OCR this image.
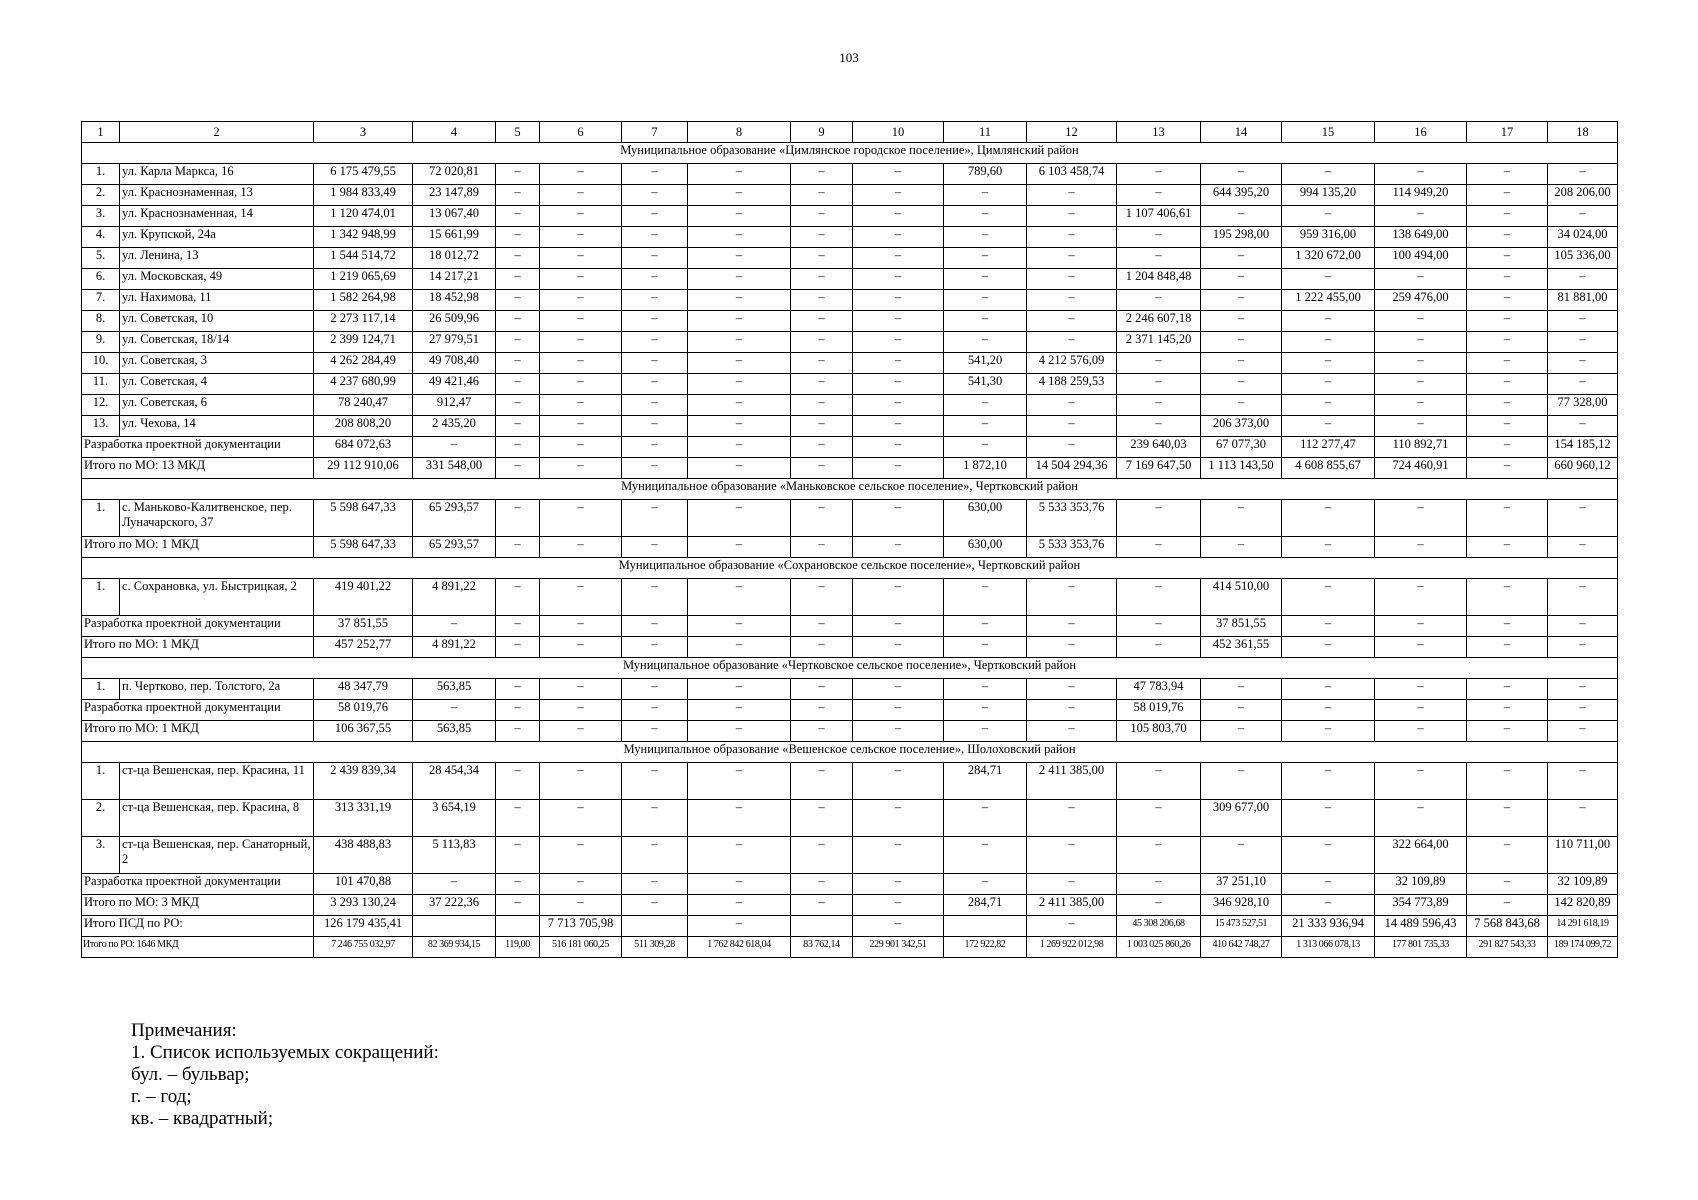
103
1	2	3	4	5	6	7	8	9	10	11	12	13	14	15	16	17	18
Муниципальное образование «Цимлянское городское поселение», Цимлянский район																	
1.	ул. Карла Маркса, 16	6 175 479,55	72 020,81	–	–	–	–	–	–	789,60	6 103 458,74	–	–	–	–	–	–
2.	ул. Краснознаменная, 13	1 984 833,49	23 147,89	–	–	–	–	–	–	–	–	–	644 395,20	994 135,20	114 949,20	–	208 206,00
3.	ул. Краснознаменная, 14	1 120 474,01	13 067,40	–	–	–	–	–	–	–	–	1 107 406,61	–	–	–	–	–
4.	ул. Крупской, 24а	1 342 948,99	15 661,99	–	–	–	–	–	–	–	–	–	195 298,00	959 316,00	138 649,00	–	34 024,00
5.	ул. Ленина, 13	1 544 514,72	18 012,72	–	–	–	–	–	–	–	–	–	–	1 320 672,00	100 494,00	–	105 336,00
6.	ул. Московская, 49	1 219 065,69	14 217,21	–	–	–	–	–	–	–	–	1 204 848,48	–	–	–	–	–
7.	ул. Нахимова, 11	1 582 264,98	18 452,98	–	–	–	–	–	–	–	–	–	–	1 222 455,00	259 476,00	–	81 881,00
8.	ул. Советская, 10	2 273 117,14	26 509,96	–	–	–	–	–	–	–	–	2 246 607,18	–	–	–	–	–
9.	ул. Советская, 18/14	2 399 124,71	27 979,51	–	–	–	–	–	–	–	–	2 371 145,20	–	–	–	–	–
10.	ул. Советская, 3	4 262 284,49	49 708,40	–	–	–	–	–	–	541,20	4 212 576,09	–	–	–	–	–	–
11.	ул. Советская, 4	4 237 680,99	49 421,46	–	–	–	–	–	–	541,30	4 188 259,53	–	–	–	–	–	–
12.	ул. Советская, 6	78 240,47	912,47	–	–	–	–	–	–	–	–	–	–	–	–	–	77 328,00
13.	ул. Чехова, 14	208 808,20	2 435,20	–	–	–	–	–	–	–	–	–	206 373,00	–	–	–	–
Разработка проектной документации		684 072,63	–	–	–	–	–	–	–	–	–	239 640,03	67 077,30	112 277,47	110 892,71	–	154 185,12
Итого по МО: 13 МКД		29 112 910,06	331 548,00	–	–	–	–	–	–	1 872,10	14 504 294,36	7 169 647,50	1 113 143,50	4 608 855,67	724 460,91	–	660 960,12
Муниципальное образование «Маньковское сельское поселение», Чертковский район																	
1.	с. Маньково-Калитвенское, пер. Луначарского, 37	5 598 647,33	65 293,57	–	–	–	–	–	–	630,00	5 533 353,76	–	–	–	–	–	–
Итого по МО: 1 МКД		5 598 647,33	65 293,57	–	–	–	–	–	–	630,00	5 533 353,76	–	–	–	–	–	–
Муниципальное образование «Сохрановское сельское поселение», Чертковский район																	
1.	с. Сохрановка, ул. Быстрицкая, 2	419 401,22	4 891,22	–	–	–	–	–	–	–	–	–	414 510,00	–	–	–	–
Разработка проектной документации		37 851,55	–	–	–	–	–	–	–	–	–	–	37 851,55	–	–	–	–
Итого по МО: 1 МКД		457 252,77	4 891,22	–	–	–	–	–	–	–	–	–	452 361,55	–	–	–	–
Муниципальное образование «Чертковское сельское поселение», Чертковский район																	
1.	п. Чертково, пер. Толстого, 2а	48 347,79	563,85	–	–	–	–	–	–	–	–	47 783,94	–	–	–	–	–
Разработка проектной документации		58 019,76	–	–	–	–	–	–	–	–	–	58 019,76	–	–	–	–	–
Итого по МО: 1 МКД		106 367,55	563,85	–	–	–	–	–	–	–	–	105 803,70	–	–	–	–	–
Муниципальное образование «Вешенское сельское поселение», Шолоховский район																	
1.	ст-ца Вешенская, пер. Красина, 11	2 439 839,34	28 454,34	–	–	–	–	–	–	284,71	2 411 385,00	–	–	–	–	–	–
2.	ст-ца Вешенская, пер. Красина, 8	313 331,19	3 654,19	–	–	–	–	–	–	–	–	–	309 677,00	–	–	–	–
3.	ст-ца Вешенская, пер. Санаторный, 2	438 488,83	5 113,83	–	–	–	–	–	–	–	–	–	–	–	322 664,00	–	110 711,00
Разработка проектной документации		101 470,88	–	–	–	–	–	–	–	–	–	–	37 251,10	–	32 109,89	–	32 109,89
Итого по МО: 3 МКД		3 293 130,24	37 222,36	–	–	–	–	–	–	284,71	2 411 385,00	–	346 928,10	–	354 773,89	–	142 820,89
Итого ПСД по РО:		126 179 435,41			7 713 705,98		–		–		–	45 308 206,68	15 473 527,51	21 333 936,94	14 489 596,43	7 568 843,68	14 291 618,19
Итого по РО: 1646 МКД		7 246 755 032,97	82 369 934,15	119,00	516 181 060,25	511 309,28	1 762 842 618,04	83 762,14	229 901 342,51	172 922,82	1 269 922 012,98	1 003 025 860,26	410 642 748,27	1 313 066 078,13	177 801 735,33	291 827 543,33	189 174 099,72
Примечания:
1. Список используемых сокращений:
бул. – бульвар;
г. – год;
кв. – квадратный;
